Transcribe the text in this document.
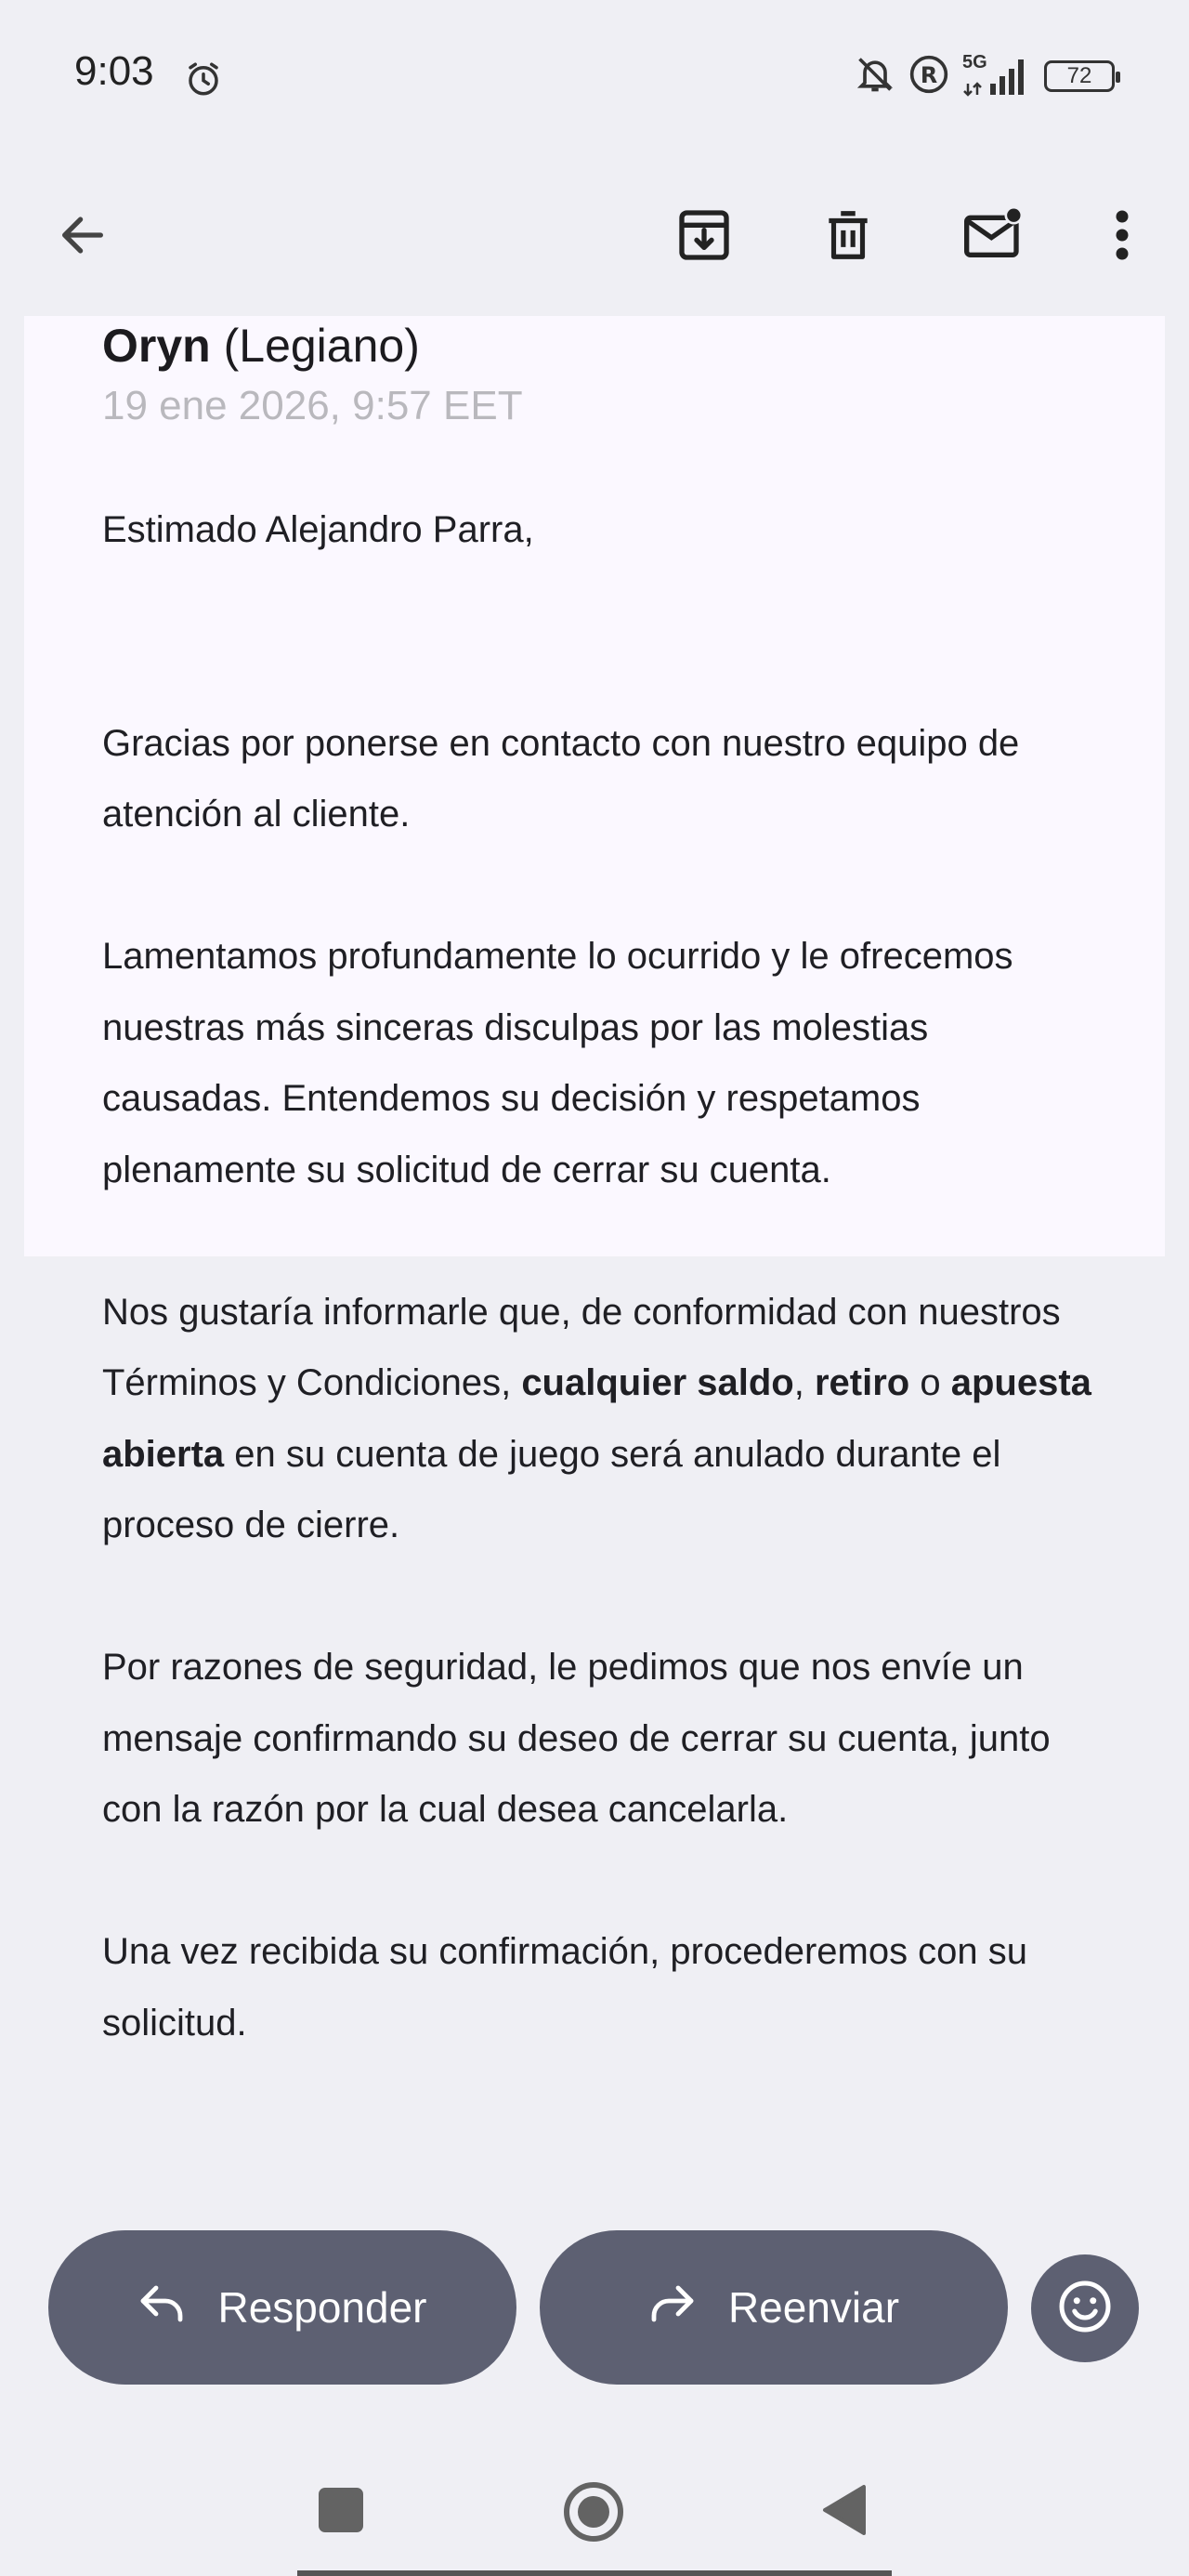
9:03	R 5G
72
Oryn (Legiano)
19 ene 2026, 9:57 EET

Estimado Alejandro Parra,

Gracias por ponerse en contacto con nuestro equipo de atención al cliente.

Lamentamos profundamente lo ocurrido y le ofrecemos nuestras más sinceras disculpas por las molestias causadas. Entendemos su decisión y respetamos plenamente su solicitud de cerrar su cuenta.

Nos gustaría informarle que, de conformidad con nuestros Términos y Condiciones, cualquier saldo, retiro o apuesta abierta en su cuenta de juego será anulado durante el proceso de cierre.

Por razones de seguridad, le pedimos que nos envíe un mensaje confirmando su deseo de cerrar su cuenta, junto con la razón por la cual desea cancelarla.

Una vez recibida su confirmación, procederemos con su solicitud.

Responder	Reenviar
